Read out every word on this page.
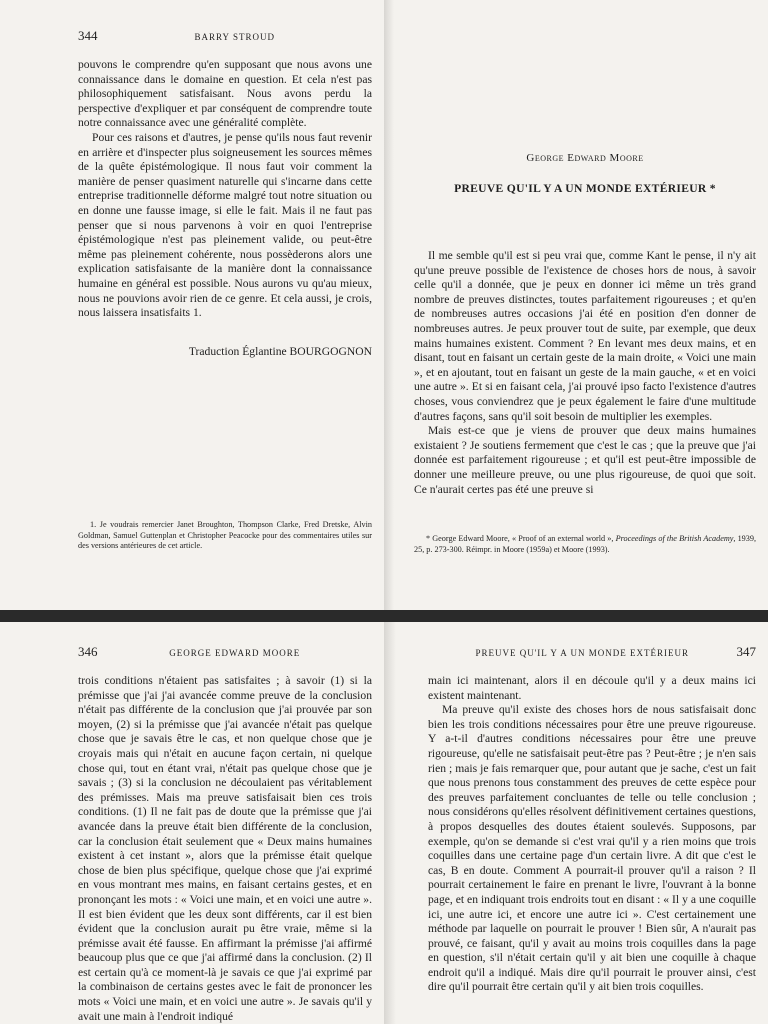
344	BARRY STROUD

pouvons le comprendre qu'en supposant que nous avons une connaissance dans le domaine en question. Et cela n'est pas philosophiquement satisfaisant. Nous avons perdu la perspective d'expliquer et par conséquent de comprendre toute notre connaissance avec une généralité complète.

Pour ces raisons et d'autres, je pense qu'ils nous faut revenir en arrière et d'inspecter plus soigneusement les sources mêmes de la quête épistémologique. Il nous faut voir comment la manière de penser quasiment naturelle qui s'incarne dans cette entreprise traditionnelle déforme malgré tout notre situation ou en donne une fausse image, si elle le fait. Mais il ne faut pas penser que si nous parvenons à voir en quoi l'entreprise épistémologique n'est pas pleinement valide, ou peut-être même pas pleinement cohérente, nous possèderons alors une explication satisfaisante de la manière dont la connaissance humaine en général est possible. Nous aurons vu qu'au mieux, nous ne pouvions avoir rien de ce genre. Et cela aussi, je crois, nous laissera insatisfaits 1.

Traduction Églantine BOURGOGNON
1. Je voudrais remercier Janet Broughton, Thompson Clarke, Fred Dretske, Alvin Goldman, Samuel Guttenplan et Christopher Peacocke pour des commentaires utiles sur des versions antérieures de cet article.
George Edward Moore
PREUVE QU'IL Y A UN MONDE EXTÉRIEUR *

Il me semble qu'il est si peu vrai que, comme Kant le pense, il n'y ait qu'une preuve possible de l'existence de choses hors de nous, à savoir celle qu'il a donnée, que je peux en donner ici même un très grand nombre de preuves distinctes, toutes parfaitement rigoureuses ; et qu'en de nombreuses autres occasions j'ai été en position d'en donner de nombreuses autres. Je peux prouver tout de suite, par exemple, que deux mains humaines existent. Comment ? En levant mes deux mains, et en disant, tout en faisant un certain geste de la main droite, « Voici une main », et en ajoutant, tout en faisant un geste de la main gauche, « et en voici une autre ». Et si en faisant cela, j'ai prouvé ipso facto l'existence d'autres choses, vous conviendrez que je peux également le faire d'une multitude d'autres façons, sans qu'il soit besoin de multiplier les exemples.

Mais est-ce que je viens de prouver que deux mains humaines existaient ? Je soutiens fermement que c'est le cas ; que la preuve que j'ai donnée est parfaitement rigoureuse ; et qu'il est peut-être impossible de donner une meilleure preuve, ou une plus rigoureuse, de quoi que soit. Ce n'aurait certes pas été une preuve si

* George Edward Moore, « Proof of an external world », Proceedings of the British Academy, 1939, 25, p. 273-300. Réimpr. in Moore (1959a) et Moore (1993).
346	GEORGE EDWARD MOORE

trois conditions n'étaient pas satisfaites ; à savoir (1) si la prémisse que j'ai j'ai avancée comme preuve de la conclusion n'était pas différente de la conclusion que j'ai prouvée par son moyen, (2) si la prémisse que j'ai avancée n'était pas quelque chose que je savais être le cas, et non quelque chose que je croyais mais qui n'était en aucune façon certain, ni quelque chose qui, tout en étant vrai, n'était pas quelque chose que je savais ; (3) si la conclusion ne découlaient pas véritablement des prémisses. Mais ma preuve satisfaisait bien ces trois conditions. (1) Il ne fait pas de doute que la prémisse que j'ai avancée dans la preuve était bien différente de la conclusion, car la conclusion était seulement que « Deux mains humaines existent à cet instant », alors que la prémisse était quelque chose de bien plus spécifique, quelque chose que j'ai exprimé en vous montrant mes mains, en faisant certains gestes, et en prononçant les mots : « Voici une main, et en voici une autre ». Il est bien évident que les deux sont différents, car il est bien évident que la conclusion aurait pu être vraie, même si la prémisse avait été fausse. En affirmant la prémisse j'ai affirmé beaucoup plus que ce que j'ai affirmé dans la conclusion. (2) Il est certain qu'à ce moment-là je savais ce que j'ai exprimé par la combinaison de certains gestes avec le fait de prononcer les mots « Voici une main, et en voici une autre ». Je savais qu'il y avait une main à l'endroit indiqué

PREUVE QU'IL Y A UN MONDE EXTÉRIEUR	347

main ici maintenant, alors il en découle qu'il y a deux mains ici existent maintenant.

Ma preuve qu'il existe des choses hors de nous satisfaisait donc bien les trois conditions nécessaires pour être une preuve rigoureuse. Y a-t-il d'autres conditions nécessaires pour être une preuve rigoureuse, qu'elle ne satisfaisait peut-être pas ? Peut-être ; je n'en sais rien ; mais je fais remarquer que, pour autant que je sache, c'est un fait que nous prenons tous constamment des preuves de cette espèce pour des preuves parfaitement concluantes de telle ou telle conclusion ; nous considérons qu'elles résolvent définitivement certaines questions, à propos desquelles des doutes étaient soulevés. Supposons, par exemple, qu'on se demande si c'est vrai qu'il y a rien moins que trois coquilles dans une certaine page d'un certain livre. A dit que c'est le cas, B en doute. Comment A pourrait-il prouver qu'il a raison ? Il pourrait certainement le faire en prenant le livre, l'ouvrant à la bonne page, et en indiquant trois endroits tout en disant : « Il y a une coquille ici, une autre ici, et encore une autre ici ». C'est certainement une méthode par laquelle on pourrait le prouver ! Bien sûr, A n'aurait pas prouvé, ce faisant, qu'il y avait au moins trois coquilles dans la page en question, s'il n'était certain qu'il y ait bien une coquille à chaque endroit qu'il a indiqué. Mais dire qu'il pourrait le prouver ainsi, c'est dire qu'il pourrait être certain qu'il y ait bien trois coquilles.
